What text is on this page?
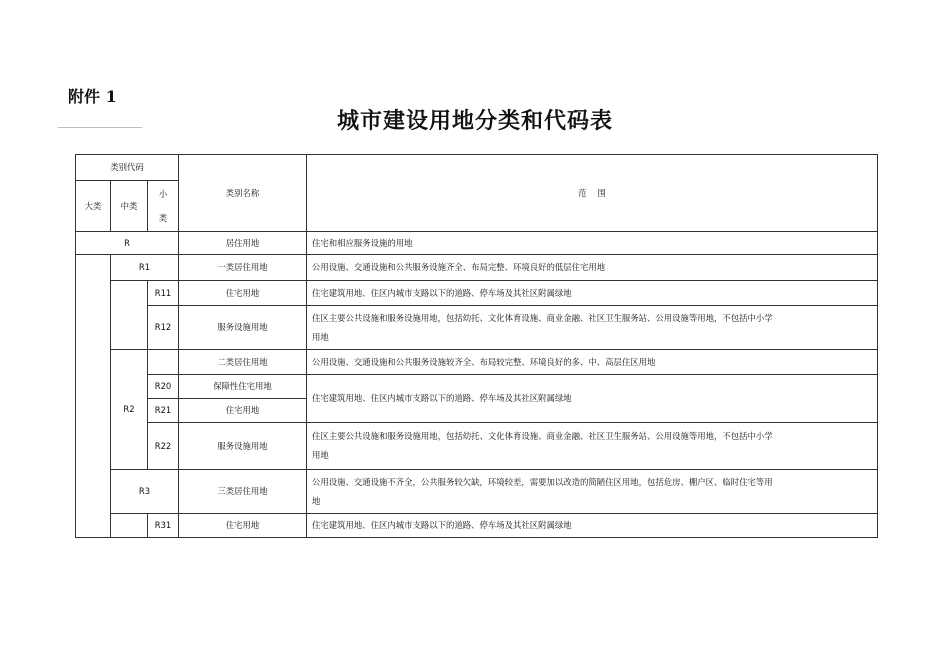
附件 1
城市建设用地分类和代码表
类别代码			类别名称	范    围
大类	中类	小
类		

R			居住用地	住宅和相应服务设施的用地
	R1		一类居住用地	公用设施、交通设施和公共服务设施齐全、布局完整、环境良好的低层住宅用地
		R11	住宅用地	住宅建筑用地、住区内城市支路以下的道路、停车场及其社区附属绿地
		R12	服务设施用地	住区主要公共设施和服务设施用地，包括幼托、文化体育设施、商业金融、社区卫生服务站、公用设施等用地，不包括中小学
用地

	R2		二类居住用地	公用设施、交通设施和公共服务设施较齐全、布局较完整、环境良好的多、中、高层住区用地
		R20	保障性住宅用地	住宅建筑用地、住区内城市支路以下的道路、停车场及其社区附属绿地
		R21	住宅用地	
		R22	服务设施用地	住区主要公共设施和服务设施用地，包括幼托、文化体育设施、商业金融、社区卫生服务站、公用设施等用地，不包括中小学
用地

	R3		三类居住用地	公用设施、交通设施不齐全，公共服务较欠缺，环境较差，需要加以改造的简陋住区用地，包括危房、棚户区、临时住宅等用
地

		R31	住宅用地	住宅建筑用地、住区内城市支路以下的道路、停车场及其社区附属绿地
